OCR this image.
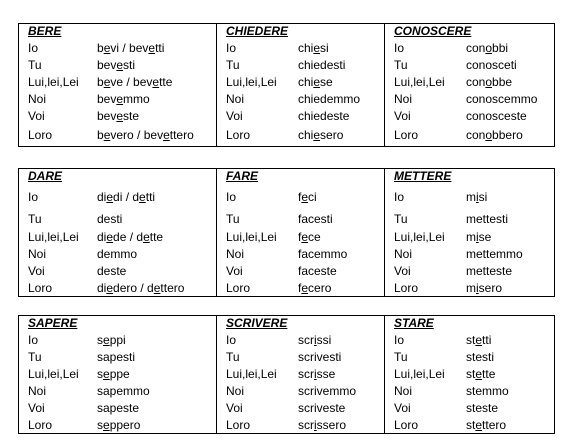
BERE
Io	bevi / bevetti
Tu	bevesti
Lui,lei,Lei	beve / bevette
Noi	bevemmo
Voi	beveste
Loro	bevero / bevettero

CHIEDERE
Io	chiesi
Tu	chiedesti
Lui,lei,Lei	chiese
Noi	chiedemmo
Voi	chiedeste
Loro	chiesero

CONOSCERE
Io	conobbi
Tu	conosceti
Lui,lei,Lei	conobbe
Noi	conoscemmo
Voi	conosceste
Loro	conobbero
DARE
Io	diedi / detti
Tu	desti
Lui,lei,Lei	diede / dette
Noi	demmo
Voi	deste
Loro	diedero / dettero

FARE
Io	feci
Tu	facesti
Lui,lei,Lei	fece
Noi	facemmo
Voi	faceste
Loro	fecero

METTERE
Io	misi
Tu	mettesti
Lui,lei,Lei	mise
Noi	mettemmo
Voi	metteste
Loro	misero
SAPERE
Io	seppi
Tu	sapesti
Lui,lei,Lei	seppe
Noi	sapemmo
Voi	sapeste
Loro	seppero

SCRIVERE
Io	scrissi
Tu	scrivesti
Lui,lei,Lei	scrisse
Noi	scrivemmo
Voi	scriveste
Loro	scrissero

STARE
Io	stetti
Tu	stesti
Lui,lei,Lei	stette
Noi	stemmo
Voi	steste
Loro	stettero
